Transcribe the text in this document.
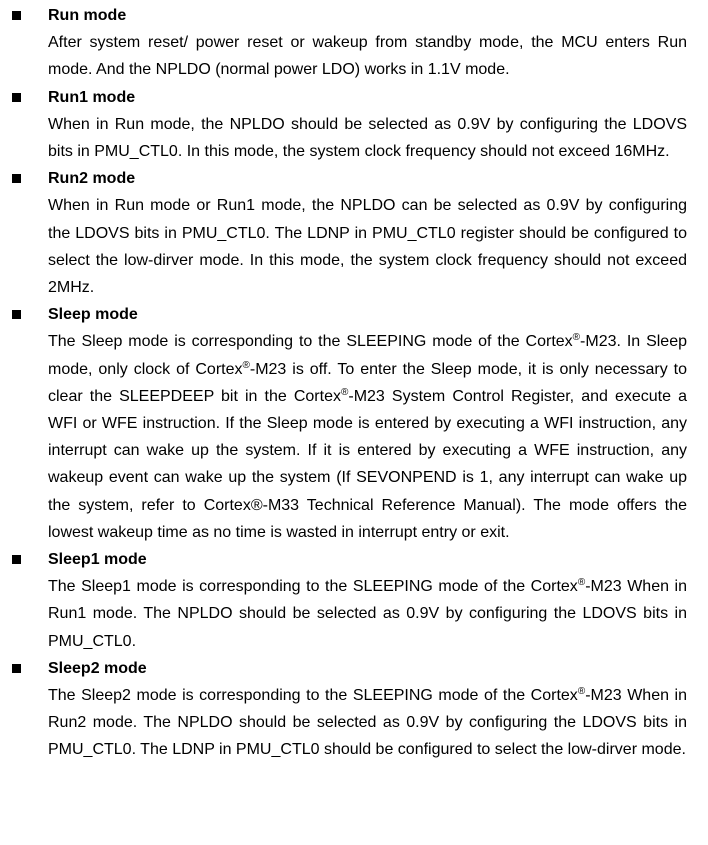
Run mode

After system reset/ power reset or wakeup from standby mode, the MCU enters Run mode. And the NPLDO (normal power LDO) works in 1.1V mode.

Run1 mode

When in Run mode, the NPLDO should be selected as 0.9V by configuring the LDOVS bits in PMU_CTL0. In this mode, the system clock frequency should not exceed 16MHz.

Run2 mode

When in Run mode or Run1 mode, the NPLDO can be selected as 0.9V by configuring the LDOVS bits in PMU_CTL0. The LDNP in PMU_CTL0 register should be configured to select the low-dirver mode. In this mode, the system clock frequency should not exceed 2MHz.

Sleep mode

The Sleep mode is corresponding to the SLEEPING mode of the Cortex®-M23. In Sleep mode, only clock of Cortex®-M23 is off. To enter the Sleep mode, it is only necessary to clear the SLEEPDEEP bit in the Cortex®-M23 System Control Register, and execute a WFI or WFE instruction. If the Sleep mode is entered by executing a WFI instruction, any interrupt can wake up the system. If it is entered by executing a WFE instruction, any wakeup event can wake up the system (If SEVONPEND is 1, any interrupt can wake up the system, refer to Cortex®-M33 Technical Reference Manual). The mode offers the lowest wakeup time as no time is wasted in interrupt entry or exit.

Sleep1 mode

The Sleep1 mode is corresponding to the SLEEPING mode of the Cortex®-M23 When in Run1 mode. The NPLDO should be selected as 0.9V by configuring the LDOVS bits in PMU_CTL0.

Sleep2 mode

The Sleep2 mode is corresponding to the SLEEPING mode of the Cortex®-M23 When in Run2 mode. The NPLDO should be selected as 0.9V by configuring the LDOVS bits in PMU_CTL0. The LDNP in PMU_CTL0 should be configured to select the low-dirver mode.
